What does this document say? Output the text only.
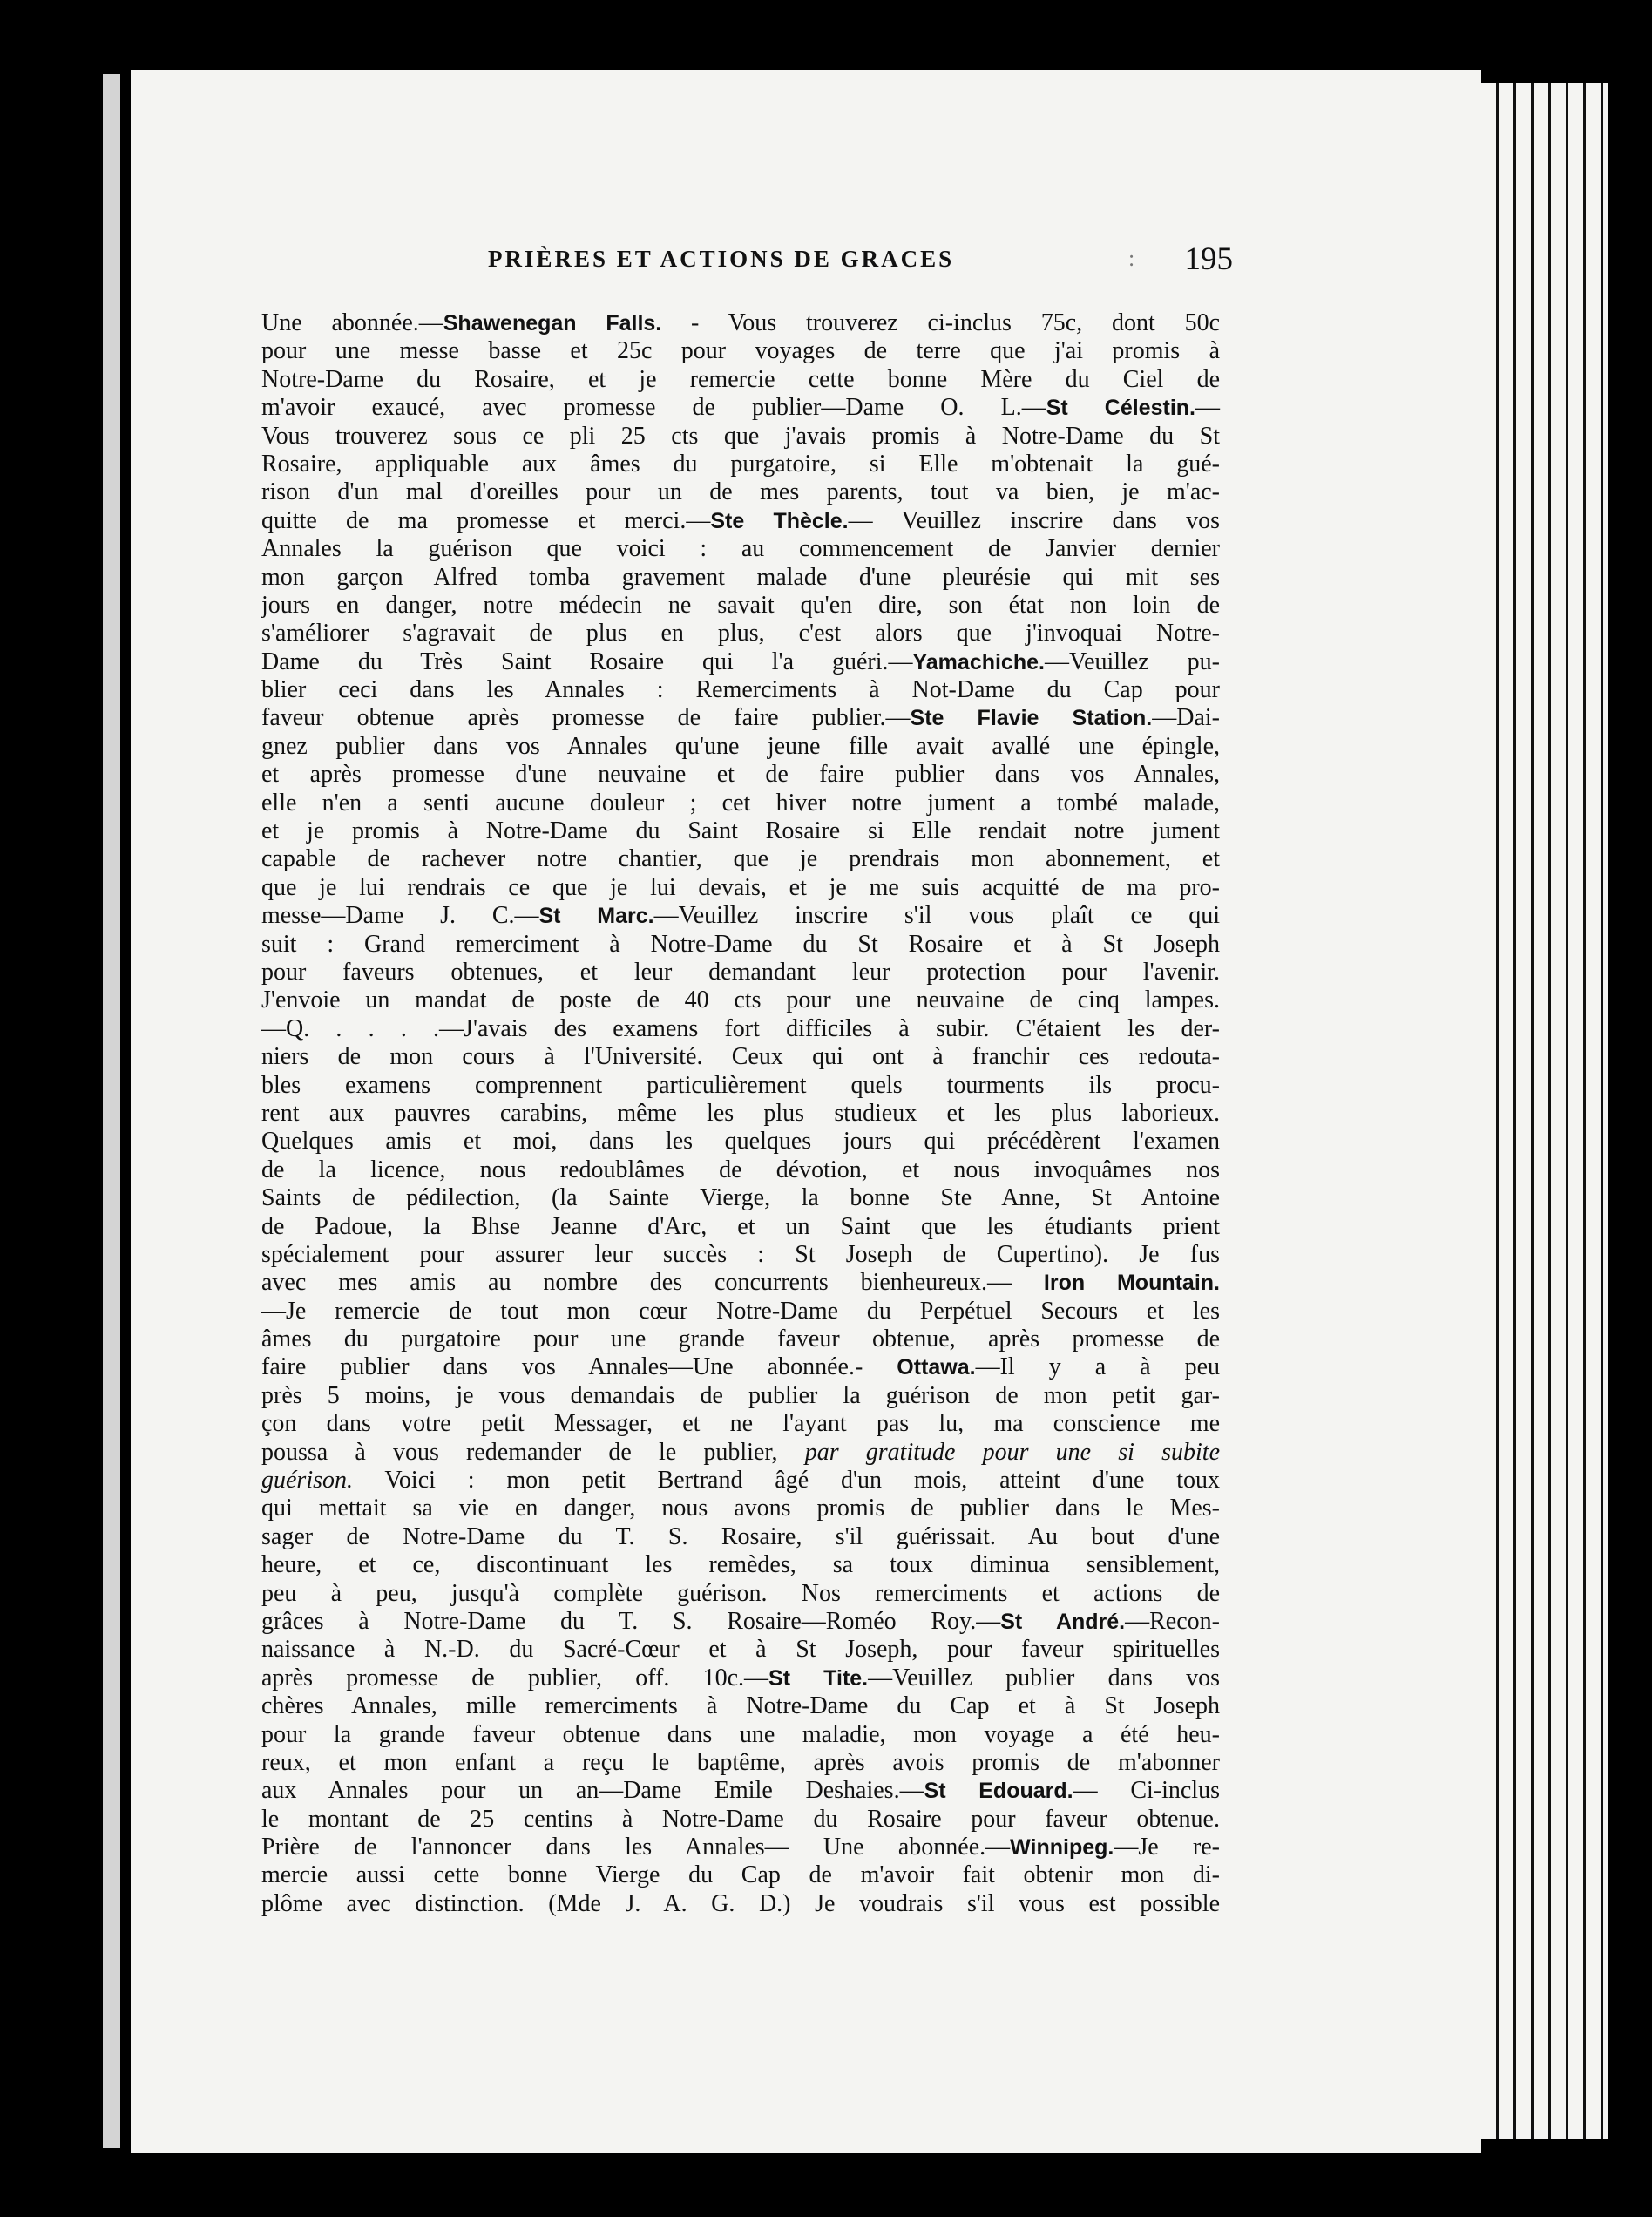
PRIÈRES ET ACTIONS DE GRACES	: 195
Une abonnée.—Shawenegan Falls. - Vous trouverez ci-inclus 75c, dont 50c
pour une messe basse et 25c pour voyages de terre que j'ai promis à
Notre-Dame du Rosaire, et je remercie cette bonne Mère du Ciel de
m'avoir exaucé, avec promesse de publier—Dame O. L.—St Célestin.—
Vous trouverez sous ce pli 25 cts que j'avais promis à Notre-Dame du St
Rosaire, appliquable aux âmes du purgatoire, si Elle m'obtenait la gué-
rison d'un mal d'oreilles pour un de mes parents, tout va bien, je m'ac-
quitte de ma promesse et merci.—Ste Thècle.— Veuillez inscrire dans vos
Annales la guérison que voici : au commencement de Janvier dernier
mon garçon Alfred tomba gravement malade d'une pleurésie qui mit ses
jours en danger, notre médecin ne savait qu'en dire, son état non loin de
s'améliorer s'agravait de plus en plus, c'est alors que j'invoquai Notre-
Dame du Très Saint Rosaire qui l'a guéri.—Yamachiche.—Veuillez pu-
blier ceci dans les Annales : Remerciments à Not-Dame du Cap pour
faveur obtenue après promesse de faire publier.—Ste Flavie Station.—Dai-
gnez publier dans vos Annales qu'une jeune fille avait avallé une épingle,
et après promesse d'une neuvaine et de faire publier dans vos Annales,
elle n'en a senti aucune douleur ; cet hiver notre jument a tombé malade,
et je promis à Notre-Dame du Saint Rosaire si Elle rendait notre jument
capable de rachever notre chantier, que je prendrais mon abonnement, et
que je lui rendrais ce que je lui devais, et je me suis acquitté de ma pro-
messe—Dame J. C.—St Marc.—Veuillez inscrire s'il vous plaît ce qui
suit : Grand remerciment à Notre-Dame du St Rosaire et à St Joseph
pour faveurs obtenues, et leur demandant leur protection pour l'avenir.
J'envoie un mandat de poste de 40 cts pour une neuvaine de cinq lampes.
—Q. . . . .—J'avais des examens fort difficiles à subir. C'étaient les der-
niers de mon cours à l'Université. Ceux qui ont à franchir ces redouta-
bles examens comprennent particulièrement quels tourments ils procu-
rent aux pauvres carabins, même les plus studieux et les plus laborieux.
Quelques amis et moi, dans les quelques jours qui précédèrent l'examen
de la licence, nous redoublâmes de dévotion, et nous invoquâmes nos
Saints de pédilection, (la Sainte Vierge, la bonne Ste Anne, St Antoine
de Padoue, la Bhse Jeanne d'Arc, et un Saint que les étudiants prient
spécialement pour assurer leur succès : St Joseph de Cupertino). Je fus
avec mes amis au nombre des concurrents bienheureux.— Iron Mountain.
—Je remercie de tout mon cœur Notre-Dame du Perpétuel Secours et les
âmes du purgatoire pour une grande faveur obtenue, après promesse de
faire publier dans vos Annales—Une abonnée.- Ottawa.—Il y a à peu
près 5 moins, je vous demandais de publier la guérison de mon petit gar-
çon dans votre petit Messager, et ne l'ayant pas lu, ma conscience me
poussa à vous redemander de le publier, par gratitude pour une si subite
guérison. Voici : mon petit Bertrand âgé d'un mois, atteint d'une toux
qui mettait sa vie en danger, nous avons promis de publier dans le Mes-
sager de Notre-Dame du T. S. Rosaire, s'il guérissait. Au bout d'une
heure, et ce, discontinuant les remèdes, sa toux diminua sensiblement,
peu à peu, jusqu'à complète guérison. Nos remerciments et actions de
grâces à Notre-Dame du T. S. Rosaire—Roméo Roy.—St André.—Recon-
naissance à N.-D. du Sacré-Cœur et à St Joseph, pour faveur spirituelles
après promesse de publier, off. 10c.—St Tite.—Veuillez publier dans vos
chères Annales, mille remerciments à Notre-Dame du Cap et à St Joseph
pour la grande faveur obtenue dans une maladie, mon voyage a été heu-
reux, et mon enfant a reçu le baptême, après avois promis de m'abonner
aux Annales pour un an—Dame Emile Deshaies.—St Edouard.— Ci-inclus
le montant de 25 centins à Notre-Dame du Rosaire pour faveur obtenue.
Prière de l'annoncer dans les Annales— Une abonnée.—Winnipeg.—Je re-
mercie aussi cette bonne Vierge du Cap de m'avoir fait obtenir mon di-
plôme avec distinction. (Mde J. A. G. D.) Je voudrais s'il vous est possible
